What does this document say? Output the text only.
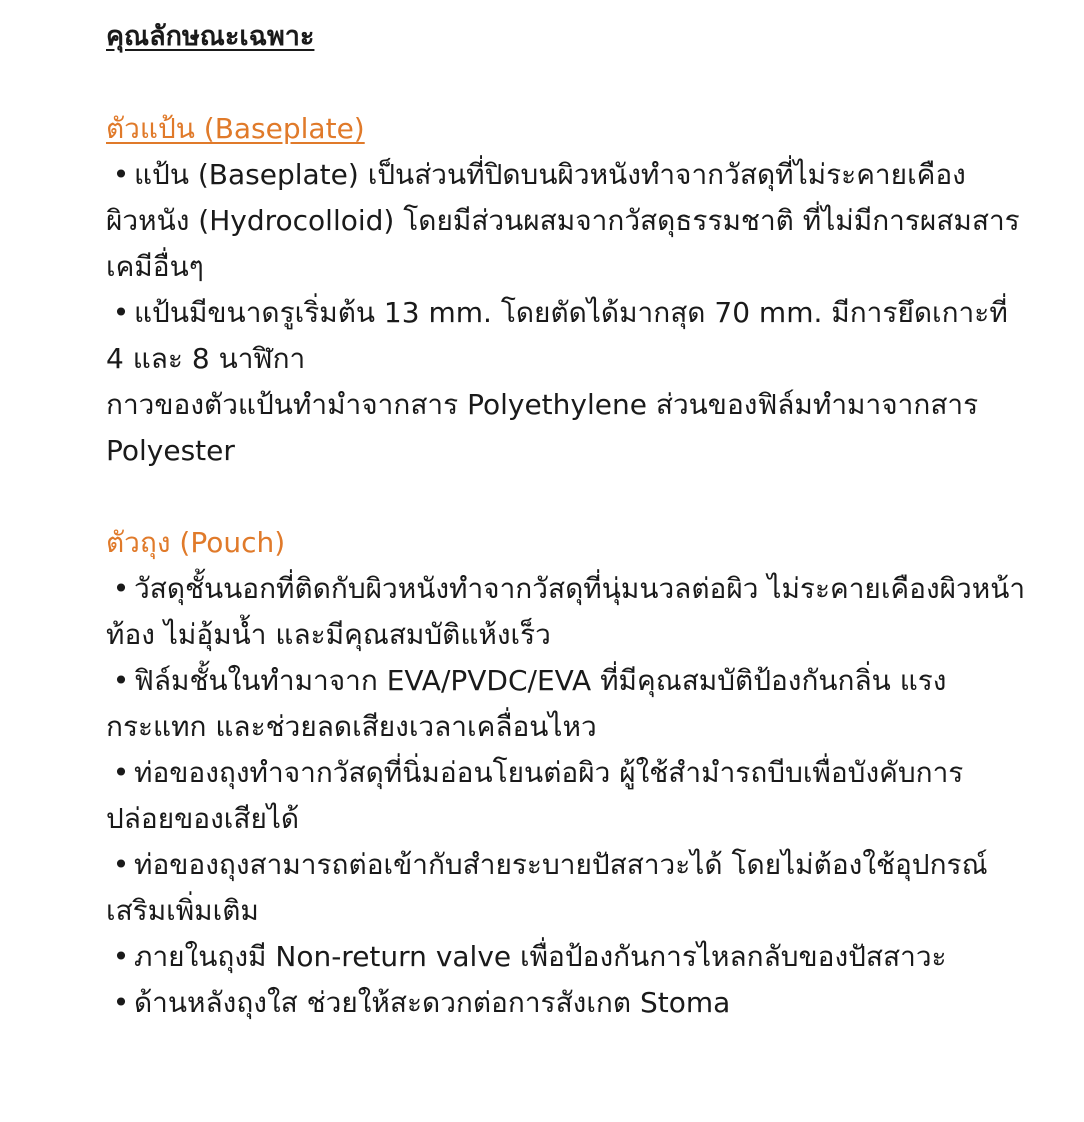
คุณลักษณะเฉพาะ
ตัวแป้น (Baseplate)
• แป้น (Baseplate) เป็นส่วนที่ปิดบนผิวหนังทำจากวัสดุที่ไม่ระคายเคืองผิวหนัง (Hydrocolloid) โดยมีส่วนผสมจากวัสดุธรรมชาติ ที่ไม่มีการผสมสารเคมีอื่นๆ
• แป้นมีขนาดรูเริ่มต้น 13 mm. โดยตัดได้มากสุด 70 mm. มีการยึดเกาะที่ 4 และ 8 นาฬิกา
กาวของตัวแป้นทำมำจากสาร Polyethylene ส่วนของฟิล์มทำมาจากสาร Polyester
ตัวถุง (Pouch)
• วัสดุชั้นนอกที่ติดกับผิวหนังทำจากวัสดุที่นุ่มนวลต่อผิว ไม่ระคายเคืองผิวหน้าท้อง ไม่อุ้มน้ำ และมีคุณสมบัติแห้งเร็ว
• ฟิล์มชั้นในทำมาจาก EVA/PVDC/EVA ที่มีคุณสมบัติป้องกันกลิ่น แรงกระแทก และช่วยลดเสียงเวลาเคลื่อนไหว
• ท่อของถุงทำจากวัสดุที่นิ่มอ่อนโยนต่อผิว ผู้ใช้สำมำรถบีบเพื่อบังคับการปล่อยของเสียได้
• ท่อของถุงสามารถต่อเข้ากับสำยระบายปัสสาวะได้ โดยไม่ต้องใช้อุปกรณ์เสริมเพิ่มเติม
• ภายในถุงมี Non-return valve เพื่อป้องกันการไหลกลับของปัสสาวะ
• ด้านหลังถุงใส ช่วยให้สะดวกต่อการสังเกต Stoma
